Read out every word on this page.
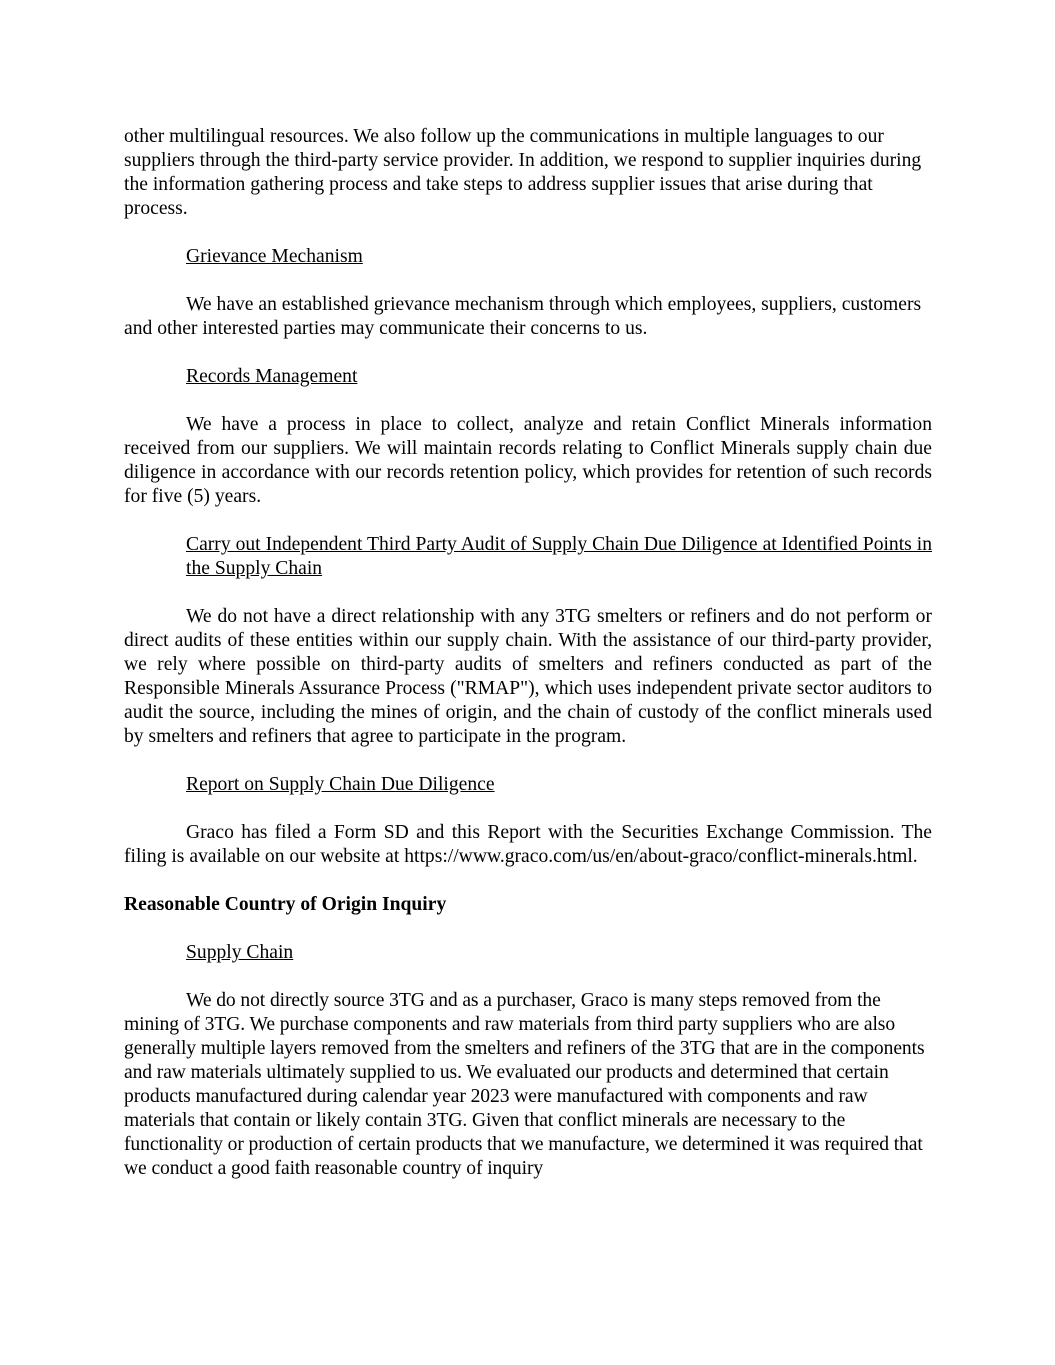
other multilingual resources. We also follow up the communications in multiple languages to our suppliers through the third-party service provider. In addition, we respond to supplier inquiries during the information gathering process and take steps to address supplier issues that arise during that process.

Grievance Mechanism

We have an established grievance mechanism through which employees, suppliers, customers and other interested parties may communicate their concerns to us.

Records Management

We have a process in place to collect, analyze and retain Conflict Minerals information received from our suppliers. We will maintain records relating to Conflict Minerals supply chain due diligence in accordance with our records retention policy, which provides for retention of such records for five (5) years.

Carry out Independent Third Party Audit of Supply Chain Due Diligence at Identified Points in the Supply Chain

We do not have a direct relationship with any 3TG smelters or refiners and do not perform or direct audits of these entities within our supply chain. With the assistance of our third-party provider, we rely where possible on third-party audits of smelters and refiners conducted as part of the Responsible Minerals Assurance Process ("RMAP"), which uses independent private sector auditors to audit the source, including the mines of origin, and the chain of custody of the conflict minerals used by smelters and refiners that agree to participate in the program.

Report on Supply Chain Due Diligence

Graco has filed a Form SD and this Report with the Securities Exchange Commission. The filing is available on our website at https://www.graco.com/us/en/about-graco/conflict-minerals.html.

Reasonable Country of Origin Inquiry

Supply Chain

We do not directly source 3TG and as a purchaser, Graco is many steps removed from the mining of 3TG. We purchase components and raw materials from third party suppliers who are also generally multiple layers removed from the smelters and refiners of the 3TG that are in the components and raw materials ultimately supplied to us. We evaluated our products and determined that certain products manufactured during calendar year 2023 were manufactured with components and raw materials that contain or likely contain 3TG. Given that conflict minerals are necessary to the functionality or production of certain products that we manufacture, we determined it was required that we conduct a good faith reasonable country of inquiry
